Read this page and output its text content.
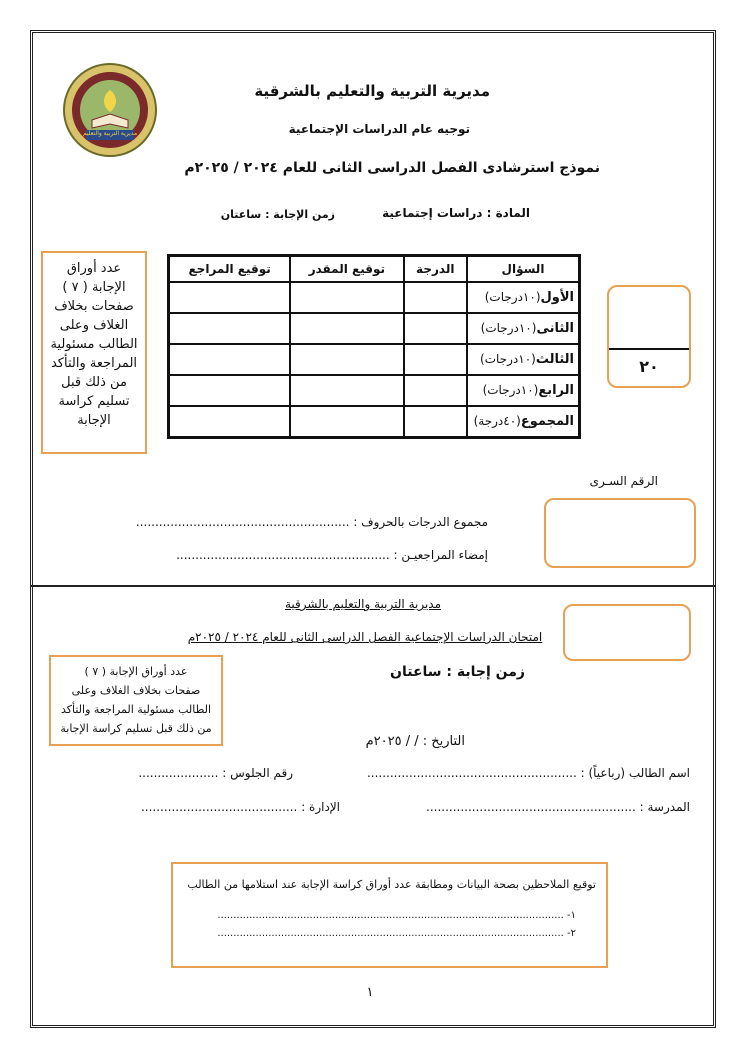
مديرية التربية والتعليم
مديرية التربية والتعليم بالشرقية
توجيه عام الدراسات الإجتماعية
نموذج استرشادى الفصل الدراسى الثانى للعام ٢٠٢٤ / ٢٠٢٥م
المادة : دراسات إجتماعية
زمن الإجابة : ساعتان
عدد أوراق
الإجابة ( ٧ )
صفحات بخلاف
الغلاف وعلى
الطالب مسئولية
المراجعة والتأكد
من ذلك قبل
تسليم كراسة
الإجابة
السؤال	الدرجة	توقيع المقدر	توقيع المراجع
الأول(١٠درجات)			
الثانى(١٠درجات)			
الثالث(١٠درجات)			
الرابع(١٠درجات)			
المجموع(٤٠درجة)			
٢٠
الرقم السـرى
مجموع الدرجات بالحروف : ........................................................
إمضاء المراجعيـن : ........................................................
مديرية التربية والتعليم بالشرقية
امتحان الدراسات الإجتماعية الفصل الدراسى الثانى للعام ٢٠٢٤ / ٢٠٢٥م
زمن إجابة : ساعتان
عدد أوراق الإجابة ( ٧ )
صفحات بخلاف الغلاف وعلى
الطالب مسئولية المراجعة والتأكد
من ذلك قبل تسليم كراسة الإجابة
التاريخ : / / ٢٠٢٥م
اسم الطالب (رباعياً) : .......................................................
رقم الجلوس : .....................
المدرسة : .......................................................
الإدارة : .........................................
توقيع الملاحظين بصحة البيانات ومطابقة عدد أوراق كراسة الإجابة عند استلامها من الطالب
١- .............................................................................................................
٢- .............................................................................................................
١
